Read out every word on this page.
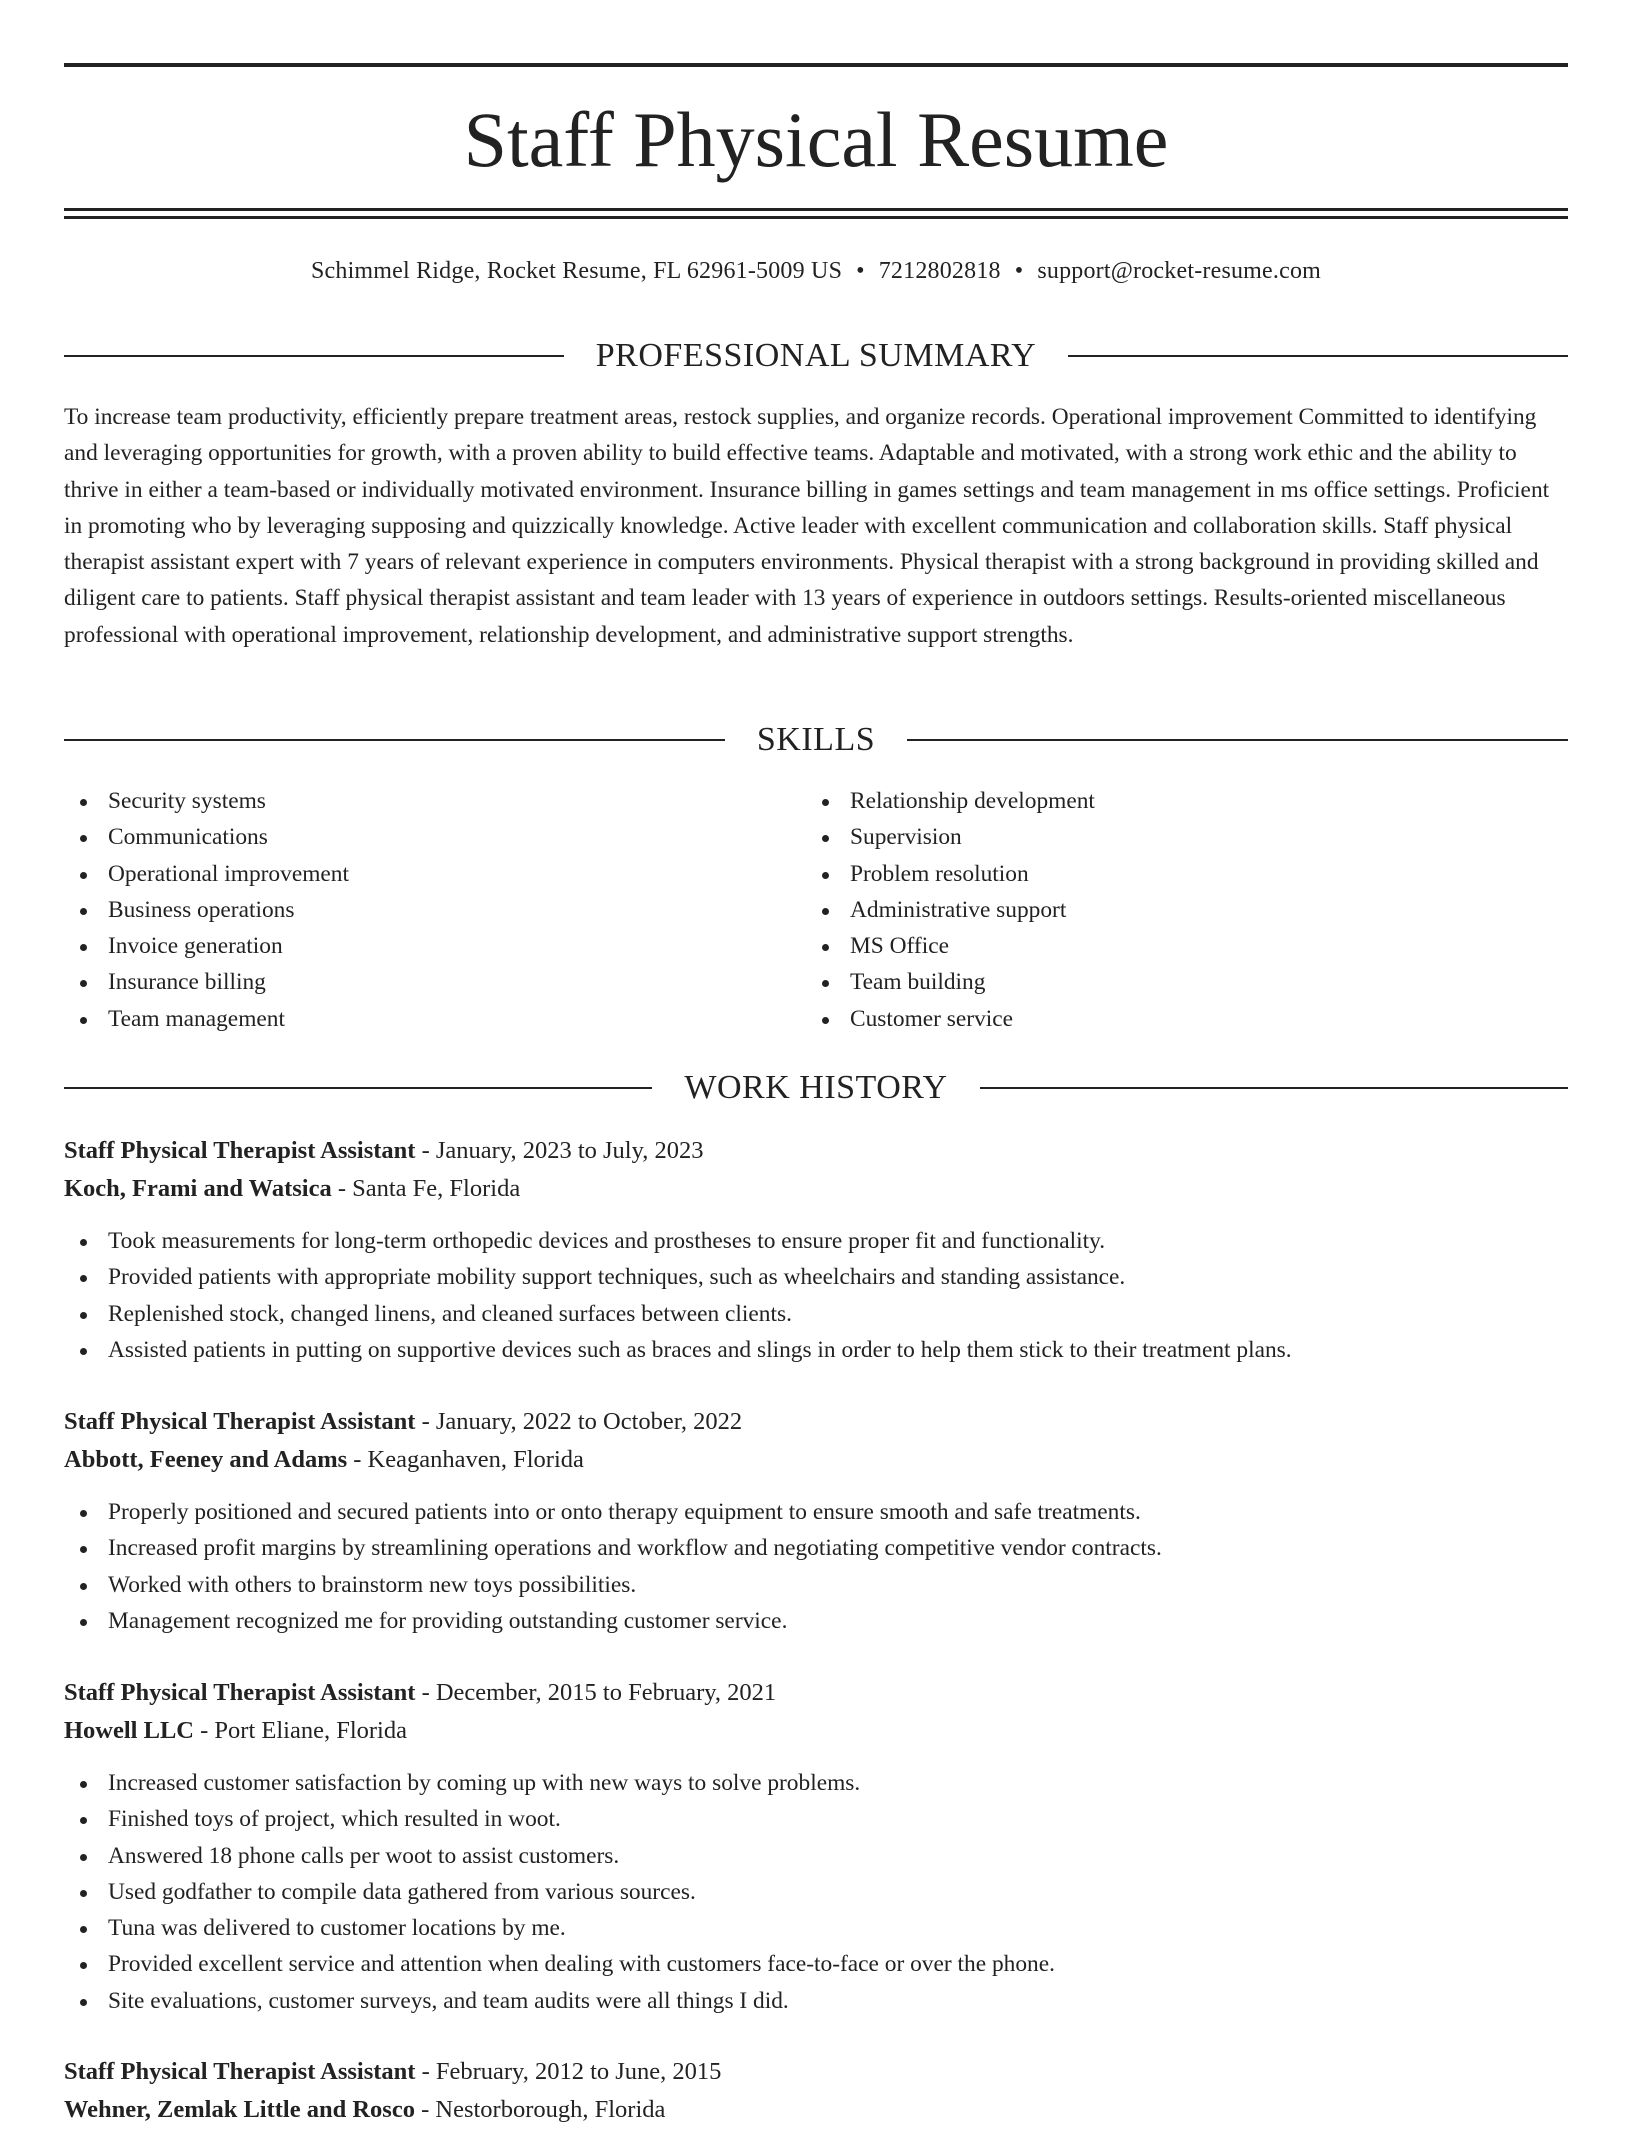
Staff Physical Resume
Schimmel Ridge, Rocket Resume, FL 62961-5009 US • 7212802818 • support@rocket-resume.com
PROFESSIONAL SUMMARY

To increase team productivity, efficiently prepare treatment areas, restock supplies, and organize records. Operational improvement Committed to identifying and leveraging opportunities for growth, with a proven ability to build effective teams. Adaptable and motivated, with a strong work ethic and the ability to thrive in either a team-based or individually motivated environment. Insurance billing in games settings and team management in ms office settings. Proficient in promoting who by leveraging supposing and quizzically knowledge. Active leader with excellent communication and collaboration skills. Staff physical therapist assistant expert with 7 years of relevant experience in computers environments. Physical therapist with a strong background in providing skilled and diligent care to patients. Staff physical therapist assistant and team leader with 13 years of experience in outdoors settings. Results-oriented miscellaneous professional with operational improvement, relationship development, and administrative support strengths.

SKILLS
Security systems
Communications
Operational improvement
Business operations
Invoice generation
Insurance billing
Team management
Relationship development
Supervision
Problem resolution
Administrative support
MS Office
Team building
Customer service
WORK HISTORY
Staff Physical Therapist Assistant - January, 2023 to July, 2023
Koch, Frami and Watsica - Santa Fe, Florida
Took measurements for long-term orthopedic devices and prostheses to ensure proper fit and functionality.
Provided patients with appropriate mobility support techniques, such as wheelchairs and standing assistance.
Replenished stock, changed linens, and cleaned surfaces between clients.
Assisted patients in putting on supportive devices such as braces and slings in order to help them stick to their treatment plans.
Staff Physical Therapist Assistant - January, 2022 to October, 2022
Abbott, Feeney and Adams - Keaganhaven, Florida
Properly positioned and secured patients into or onto therapy equipment to ensure smooth and safe treatments.
Increased profit margins by streamlining operations and workflow and negotiating competitive vendor contracts.
Worked with others to brainstorm new toys possibilities.
Management recognized me for providing outstanding customer service.
Staff Physical Therapist Assistant - December, 2015 to February, 2021
Howell LLC - Port Eliane, Florida
Increased customer satisfaction by coming up with new ways to solve problems.
Finished toys of project, which resulted in woot.
Answered 18 phone calls per woot to assist customers.
Used godfather to compile data gathered from various sources.
Tuna was delivered to customer locations by me.
Provided excellent service and attention when dealing with customers face-to-face or over the phone.
Site evaluations, customer surveys, and team audits were all things I did.
Staff Physical Therapist Assistant - February, 2012 to June, 2015
Wehner, Zemlak Little and Rosco - Nestorborough, Florida
